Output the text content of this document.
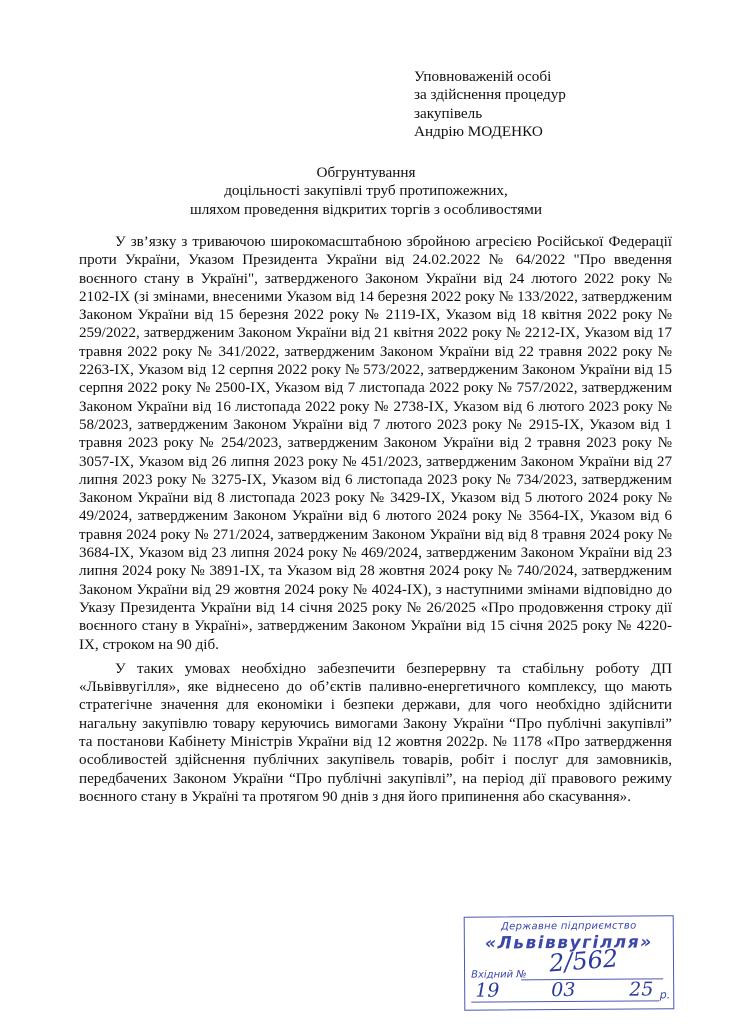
Уповноваженій особі
за здійснення процедур
закупівель
Андрію МОДЕНКО
Обгрунтування
доцільності закупівлі труб протипожежних,
шляхом проведення відкритих торгів з особливостями

У зв’язку з триваючою широкомасштабною збройною агресією Російської Федерації проти України, Указом Президента України від 24.02.2022 № 64/2022 "Про введення воєнного стану в Україні", затвердженого Законом України від 24 лютого 2022 року № 2102-IX (зі змінами, внесеними Указом від 14 березня 2022 року № 133/2022, затвердженим Законом України від 15 березня 2022 року № 2119-IX, Указом від 18 квітня 2022 року № 259/2022, затвердженим Законом України від 21 квітня 2022 року № 2212-IX, Указом від 17 травня 2022 року № 341/2022, затвердженим Законом України від 22 травня 2022 року № 2263-IX, Указом від 12 серпня 2022 року № 573/2022, затвердженим Законом України від 15 серпня 2022 року № 2500-IX, Указом від 7 листопада 2022 року № 757/2022, затвердженим Законом України від 16 листопада 2022 року № 2738-IX, Указом від 6 лютого 2023 року № 58/2023, затвердженим Законом України від 7 лютого 2023 року № 2915-IX, Указом від 1 травня 2023 року № 254/2023, затвердженим Законом України від 2 травня 2023 року № 3057-IX, Указом від 26 липня 2023 року № 451/2023, затвердженим Законом України від 27 липня 2023 року № 3275-IX, Указом від 6 листопада 2023 року № 734/2023, затвердженим Законом України від 8 листопада 2023 року № 3429-IX, Указом від 5 лютого 2024 року № 49/2024, затвердженим Законом України від 6 лютого 2024 року № 3564-IX, Указом від 6 травня 2024 року № 271/2024, затвердженим Законом України від від 8 травня 2024 року № 3684-IX, Указом від 23 липня 2024 року № 469/2024, затвердженим Законом України від 23 липня 2024 року № 3891-IX, та Указом від 28 жовтня 2024 року № 740/2024, затвердженим Законом України від 29 жовтня 2024 року № 4024-IX), з наступними змінами відповідно до Указу Президента України від 14 січня 2025 року № 26/2025 «Про продовження строку дії воєнного стану в Україні», затвердженим Законом України від 15 січня 2025 року № 4220-IX, строком на 90 діб.

У таких умовах необхідно забезпечити безперервну та стабільну роботу ДП «Львіввугілля», яке віднесено до об’єктів паливно-енергетичного комплексу, що мають стратегічне значення для економіки і безпеки держави, для чого необхідно здійснити нагальну закупівлю товару керуючись вимогами Закону України “Про публічні закупівлі” та постанови Кабінету Міністрів України від 12 жовтня 2022р. № 1178 «Про затвердження особливостей здійснення публічних закупівель товарів, робіт і послуг для замовників, передбачених Законом України “Про публічні закупівлі”, на період дії правового режиму воєнного стану в Україні та протягом 90 днів з дня його припинення або скасування».

Державне підприємство
«Львіввугілля»
Вхідний № 2/562
19	03	25 р.
